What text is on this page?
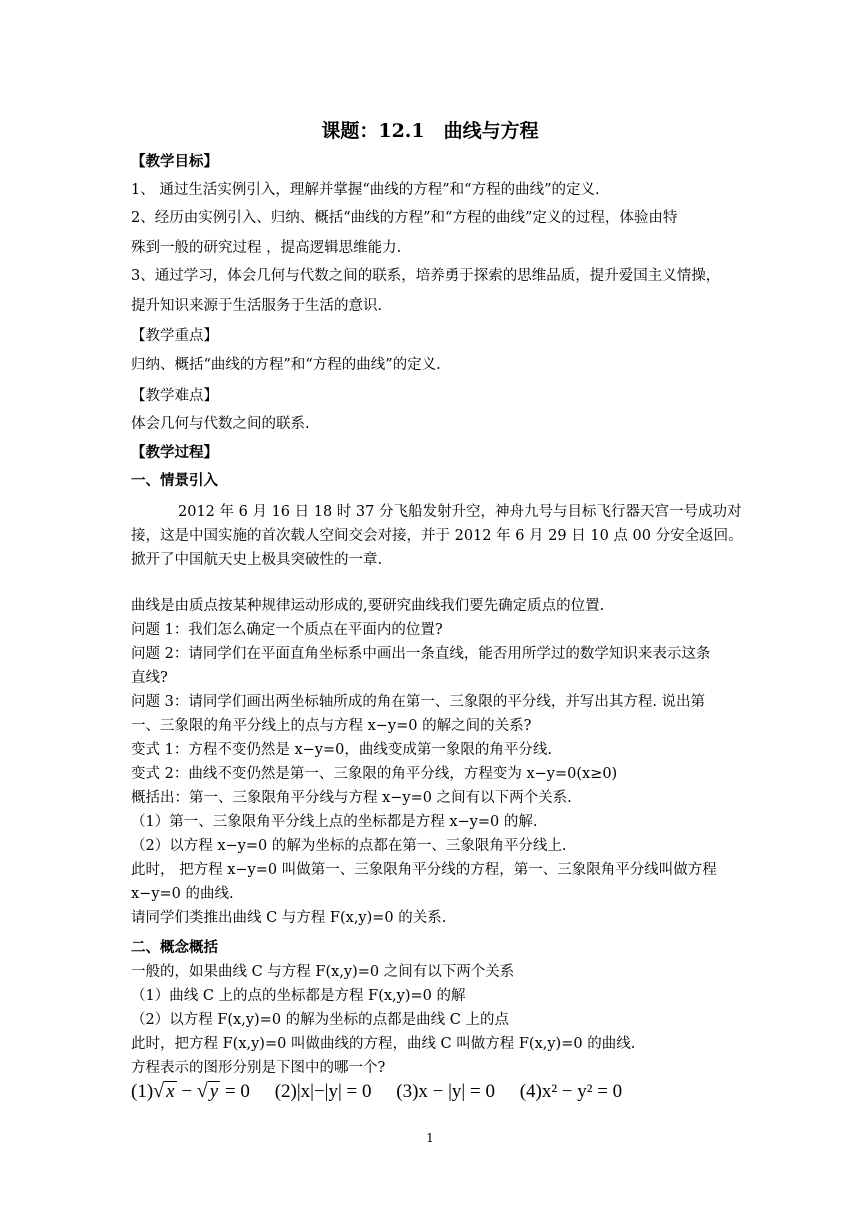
课题：12.1　曲线与方程
【教学目标】
1、 通过生活实例引入，理解并掌握“曲线的方程”和“方程的曲线”的定义.
2、经历由实例引入、归纳、概括“曲线的方程”和“方程的曲线”定义的过程，体验由特
殊到一般的研究过程 ，提高逻辑思维能力.
3、通过学习，体会几何与代数之间的联系，培养勇于探索的思维品质，提升爱国主义情操，
提升知识来源于生活服务于生活的意识.
【教学重点】
归纳、概括“曲线的方程”和“方程的曲线”的定义.
【教学难点】
体会几何与代数之间的联系.
【教学过程】
一、情景引入
2012 年 6 月 16 日 18 时 37 分飞船发射升空，神舟九号与目标飞行器天宫一号成功对
接，这是中国实施的首次载人空间交会对接，并于 2012 年 6 月 29 日 10 点 00 分安全返回。
掀开了中国航天史上极具突破性的一章.
曲线是由质点按某种规律运动形成的,要研究曲线我们要先确定质点的位置.
问题 1：我们怎么确定一个质点在平面内的位置?
问题 2：请同学们在平面直角坐标系中画出一条直线，能否用所学过的数学知识来表示这条
直线?
问题 3：请同学们画出两坐标轴所成的角在第一、三象限的平分线，并写出其方程. 说出第
一、三象限的角平分线上的点与方程 x−y=0 的解之间的关系?
变式 1：方程不变仍然是 x−y=0，曲线变成第一象限的角平分线.
变式 2：曲线不变仍然是第一、三象限的角平分线，方程变为 x−y=0(x≥0)
概括出：第一、三象限角平分线与方程 x−y=0 之间有以下两个关系.
（1）第一、三象限角平分线上点的坐标都是方程 x−y=0 的解.
（2）以方程 x−y=0 的解为坐标的点都在第一、三象限角平分线上.
此时， 把方程 x−y=0 叫做第一、三象限角平分线的方程，第一、三象限角平分线叫做方程
x−y=0 的曲线.
请同学们类推出曲线 C 与方程 F(x,y)=0 的关系.
二、概念概括
一般的，如果曲线 C 与方程 F(x,y)=0 之间有以下两个关系
（1）曲线 C 上的点的坐标都是方程 F(x,y)=0 的解
（2）以方程 F(x,y)=0 的解为坐标的点都是曲线 C 上的点
此时，把方程 F(x,y)=0 叫做曲线的方程，曲线 C 叫做方程 F(x,y)=0 的曲线.
方程表示的图形分别是下图中的哪一个?
(1)√ x − √ y = 0 (2)|x|−|y| = 0 (3)x − |y| = 0 (4)x² − y² = 0
1
